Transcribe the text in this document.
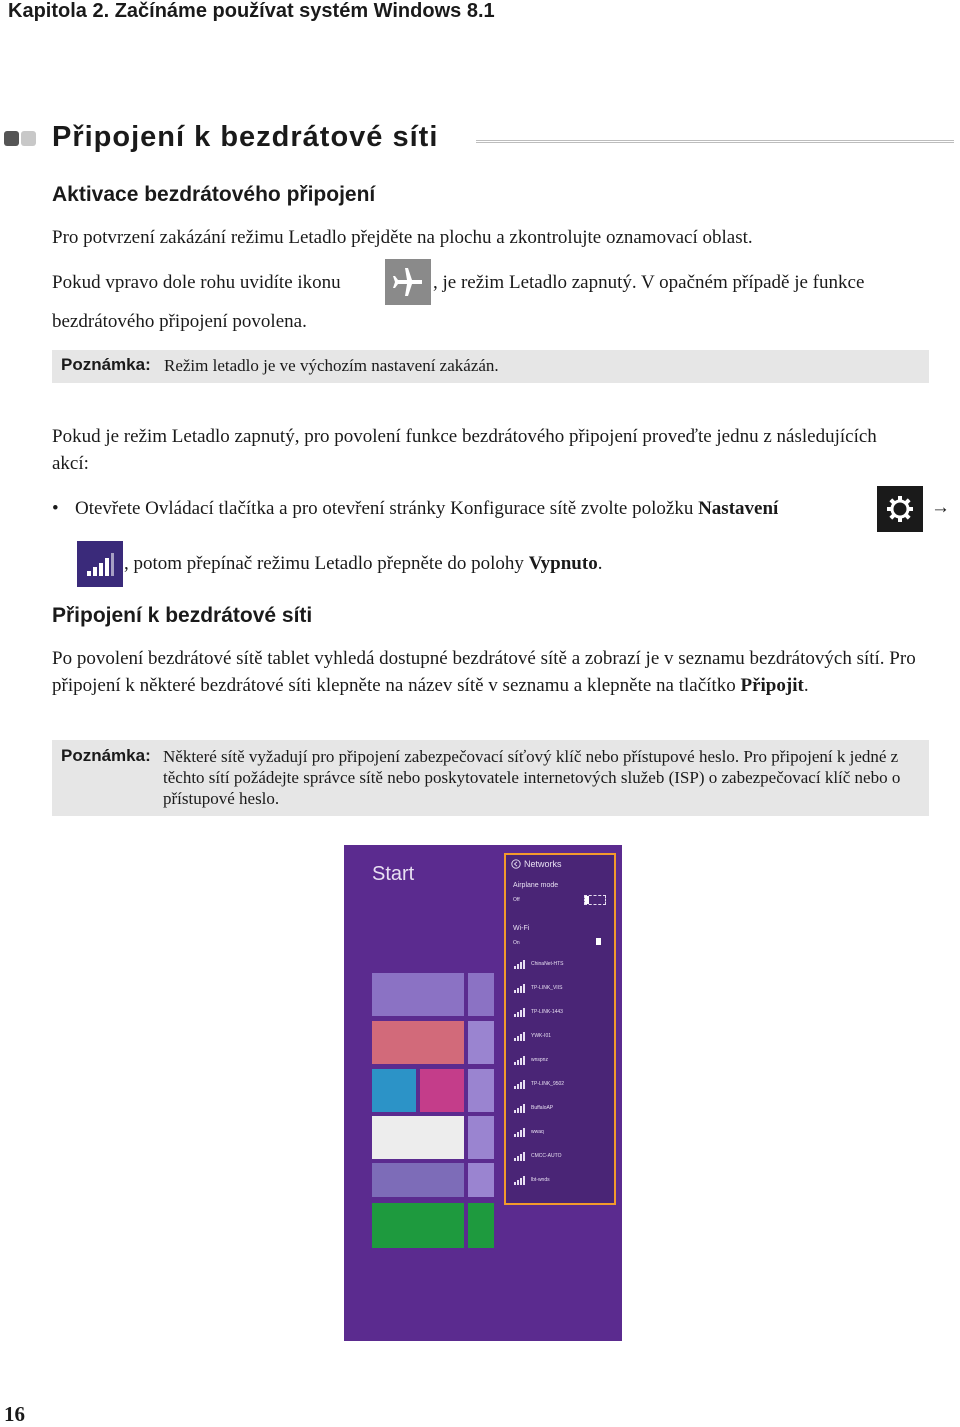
Kapitola 2. Začínáme používat systém Windows 8.1
Připojení k bezdrátové síti
Aktivace bezdrátového připojení
Pro potvrzení zakázání režimu Letadlo přejděte na plochu a zkontrolujte oznamovací oblast.
Pokud vpravo dole rohu uvidíte ikonu	, je režim Letadlo zapnutý. V opačném případě je funkce
bezdrátového připojení povolena.
Poznámka: Režim letadlo je ve výchozím nastavení zakázán.
Pokud je režim Letadlo zapnutý, pro povolení funkce bezdrátového připojení proveďte jednu z následujících akcí:
• Otevřete Ovládací tlačítka a pro otevření stránky Konfigurace sítě zvolte položku Nastavení	→
, potom přepínač režimu Letadlo přepněte do polohy Vypnuto.
Připojení k bezdrátové síti
Po povolení bezdrátové sítě tablet vyhledá dostupné bezdrátové sítě a zobrazí je v seznamu bezdrátových sítí. Pro připojení k některé bezdrátové síti klepněte na název sítě v seznamu a klepněte na tlačítko Připojit.
Poznámka: Některé sítě vyžadují pro připojení zabezpečovací síťový klíč nebo přístupové heslo. Pro připojení k jedné z těchto sítí požádejte správce sítě nebo poskytovatele internetových služeb (ISP) o zabezpečovací klíč nebo o přístupové heslo.
Start	Networks
Airplane mode
Off
Wi-Fi
On
ChinaNet-HTS
TP-LINK_VIIS
TP-LINK-1443
YWK-I01
wnspnz
TP-LINK_9502
BuffaloAP
wwaq
CMCC-AUTO
lbt-wnds
16
